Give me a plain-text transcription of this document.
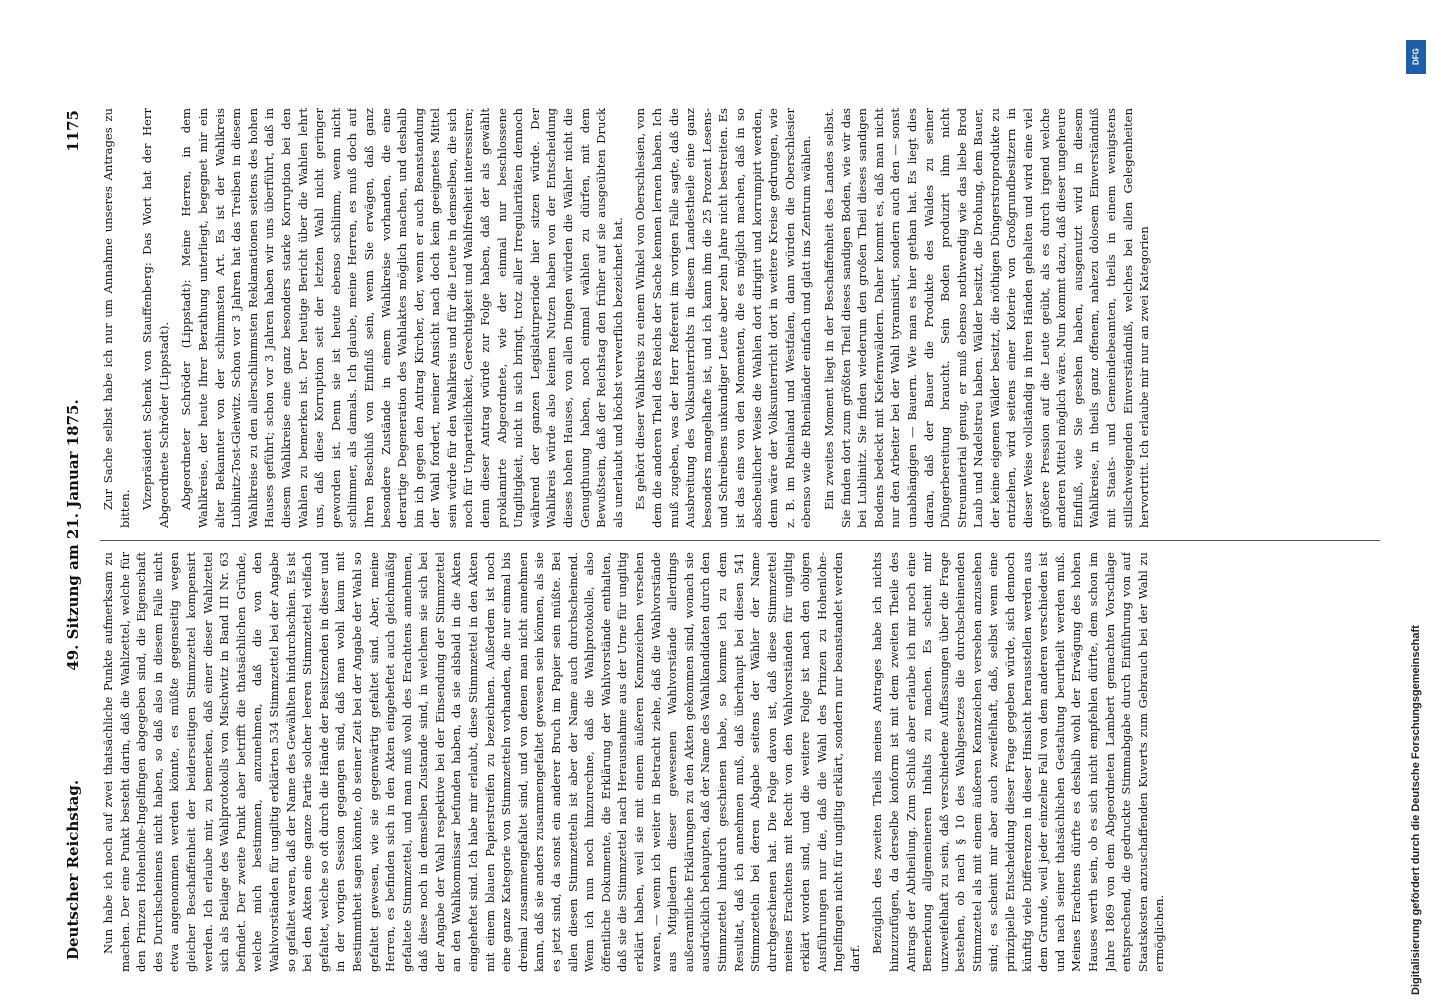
Deutscher Reichstag.
49. Sitzung am 21. Januar 1875.
1175

Nun habe ich noch auf zwei thatsächliche Punkte aufmerksam zu machen. Der eine Punkt besteht darin, daß die Wahlzettel, welche für den Prinzen Hohenlohe-Ingelfingen abgegeben sind, die Eigenschaft des Durchscheinens nicht haben, so daß also in diesem Falle nicht etwa angenommen werden könnte, es müßte gegenseitig wegen gleicher Beschaffenheit der beiderseitigen Stimmzettel kompensirt werden. Ich erlaube mir, zu bemerken, daß einer dieser Wahlzettel sich als Beilage des Wahlprotokolls von Mischwitz in Band III Nr. 63 befindet. Der zweite Punkt aber betrifft die thatsächlichen Gründe, welche mich bestimmen, anzunehmen, daß die von den Wahlvorständen für ungiltig erklärten 534 Stimmzettel bei der Angabe so gefaltet waren, daß der Name des Gewählten hindurchschien. Es ist bei den Akten eine ganze Partie solcher leeren Stimmzettel vielfach gefaltet, welche so oft durch die Hände der Beisitzenden in dieser und in der vorigen Session gegangen sind, daß man wohl kaum mit Bestimmtheit sagen könnte, ob seiner Zeit bei der Angabe der Wahl so gefaltet gewesen, wie sie gegenwärtig gefaltet sind. Aber, meine Herren, es befinden sich in den Akten eingeheftet auch gleichmäßig gefaltete Stimmzettel, und man muß wohl des Erachtens annehmen, daß diese noch in demselben Zustande sind, in welchem sie sich bei der Angabe der Wahl respektive bei der Einsendung der Stimmzettel an den Wahlkommissar befunden haben, da sie alsbald in die Akten eingeheftet sind. Ich habe mir erlaubt, diese Stimmzettel in den Akten mit einem blauen Papierstreifen zu bezeichnen. Außerdem ist noch eine ganze Kategorie von Stimmzetteln vorhanden, die nur einmal bis dreimal zusammengefaltet sind, und von denen man nicht annehmen kann, daß sie anders zusammengefaltet gewesen sein können, als sie es jetzt sind, da sonst ein anderer Bruch im Papier sein müßte. Bei allen diesen Stimmzetteln ist aber der Name auch durchscheinend. Wenn ich nun noch hinzurechne, daß die Wahlprotokolle, also öffentliche Dokumente, die Erklärung der Wahlvorstände enthalten, daß sie die Stimmzettel nach Herausnahme aus der Urne für ungiltig erklärt haben, weil sie mit einem äußeren Kennzeichen versehen waren, — wenn ich weiter in Betracht ziehe, daß die Wahlvorstände aus Mitgliedern dieser gewesenen Wahlvorstände allerdings außeramtliche Erklärungen zu den Akten gekommen sind, wonach sie ausdrücklich behaupten, daß der Name des Wahlkandidaten durch den Stimmzettel hindurch geschienen habe, so komme ich zu dem Resultat, daß ich annehmen muß, daß überhaupt bei diesen 541 Stimmzetteln bei deren Abgabe seitens der Wähler der Name durchgeschienen hat. Die Folge davon ist, daß diese Stimmzettel meines Erachtens mit Recht von den Wahlvorständen für ungiltig erklärt worden sind, und die weitere Folge ist nach den obigen Ausführungen nur die, daß die Wahl des Prinzen zu Hohenlohe-Ingelfingen nicht für ungiltig erklärt, sondern nur beanstandet werden darf.

Bezüglich des zweiten Theils meines Antrages habe ich nichts hinzuzufügen, da derselbe konform ist mit dem zweiten Theile des Antrags der Abtheilung. Zum Schluß aber erlaube ich mir noch eine Bemerkung allgemeineren Inhalts zu machen. Es scheint mir unzweifelhaft zu sein, daß verschiedene Auffassungen über die Frage bestehen, ob nach § 10 des Wahlgesetzes die durchscheinenden Stimmzettel als mit einem äußeren Kennzeichen versehen anzusehen sind; es scheint mir aber auch zweifelhaft, daß, selbst wenn eine prinzipielle Entscheidung dieser Frage gegeben würde, sich dennoch künftig viele Differenzen in dieser Hinsicht herausstellen werden aus dem Grunde, weil jeder einzelne Fall von dem anderen verschieden ist und nach seiner thatsächlichen Gestaltung beurtheilt werden muß. Meines Erachtens dürfte es deshalb wohl der Erwägung des hohen Hauses werth sein, ob es sich nicht empfehlen dürfte, dem schon im Jahre 1869 von dem Abgeordneten Lambert gemachten Vorschlage entsprechend, die gedruckte Stimmabgabe durch Einführung von auf Staatskosten anzuschaffenden Kuverts zum Gebrauch bei der Wahl zu ermöglichen.

Zur Sache selbst habe ich nur um Annahme unseres Antrages zu bitten. Vizepräsident Schenk von Stauffenberg: Das Wort hat der Herr Abgeordnete Schröder (Lippstadt). Abgeordneter Schröder (Lippstadt): Meine Herren, in dem Wahlkreise, der heute Ihrer Berathung unterliegt, begegnet mir ein alter Bekannter von der schlimmsten Art. Es ist der Wahlkreis Lublinitz-Tost-Gleiwitz. Schon vor 3 Jahren hat das Treiben in diesem Wahlkreise zu den allerschlimmsten Reklamationen seitens des hohen Hauses geführt; schon vor 3 Jahren haben wir uns überführt, daß in diesem Wahlkreise eine ganz besonders starke Korruption bei den Wahlen zu bemerken ist. Der heutige Bericht über die Wahlen lehrt uns, daß diese Korruption seit der letzten Wahl nicht geringer geworden ist. Denn sie ist heute ebenso schlimm, wenn nicht schlimmer, als damals. Ich glaube, meine Herren, es muß doch auf Ihren Beschluß von Einfluß sein, wenn Sie erwägen, daß ganz besondere Zustände in einem Wahlkreise vorhanden, die eine derartige Degeneration des Wahlaktes möglich machen, und deshalb bin ich gegen den Antrag Kircher, der, wenn er auch Beanstandung der Wahl fordert, meiner Ansicht nach doch kein geeignetes Mittel sein würde für den Wahlkreis und für die Leute in demselben, die sich noch für Unparteilichkeit, Gerechtigkeit und Wahlfreiheit interessiren; denn dieser Antrag würde zur Folge haben, daß der als gewählt proklamirte Abgeordnete, wie der einmal nur beschlossene Ungiltigkeit, nicht in sich bringt, trotz aller Irregularitäten dennoch während der ganzen Legislaturperiode hier sitzen würde. Der Wahlkreis würde also keinen Nutzen haben von der Entscheidung dieses hohen Hauses, von allen Dingen würden die Wähler nicht die Genugthuung haben, noch einmal wählen zu dürfen, mit dem Bewußtsein, daß der Reichstag den früher auf sie ausgeübten Druck als unerlaubt und höchst verwerflich bezeichnet hat. Es gehört dieser Wahlkreis zu einem Winkel von Oberschlesien, von dem die anderen Theil des Reichs der Sache kennen lernen haben. Ich muß zugeben, was der Herr Referent im vorigen Falle sagte, daß die Ausbreitung des Volksunterrichts in diesem Landestheile eine ganz besonders mangelhafte ist, und ich kann ihm die 25 Prozent Lesens- und Schreibens unkundiger Leute aber zehn Jahre nicht bestreiten. Es ist das eins von den Momenten, die es möglich machen, daß in so abscheulicher Weise die Wahlen dort dirigirt und korrumpirt werden, denn wäre der Volksunterricht dort in weitere Kreise gedrungen, wie z. B. im Rheinland und Westfalen, dann würden die Oberschlesier ebenso wie die Rheinländer einfach und glatt ins Zentrum wählen. Ein zweites Moment liegt in der Beschaffenheit des Landes selbst. Sie finden dort zum größten Theil dieses sandigen Boden, wie wir das bei Lublinitz. Sie finden wiederum den großen Theil dieses sandigen Bodens bedeckt mit Kiefernwäldern. Daher kommt es, daß man nicht nur den Arbeiter bei der Wahl tyrannisirt, sondern auch den — sonst unabhängigen — Bauern. Wie man es hier gethan hat. Es liegt dies daran, daß der Bauer die Produkte des Waldes zu seiner Düngerbereitung braucht. Sein Boden produzirt ihm nicht Streumaterial genug, er muß ebenso nothwendig wie das liebe Brod Laub und Nadelstreu haben. Wälder besitzt, die Drohung, dem Bauer, der keine eigenen Wälder besitzt, die nöthigen Düngerstroprodukte zu entziehen, wird seitens einer Koterie von Großgrundbesitzern in dieser Weise vollständig in ihren Händen gehalten und wird eine viel größere Pression auf die Leute geübt, als es durch irgend welche anderen Mittel möglich wäre. Nun kommt dazu, daß dieser ungeheure Einfluß, wie Sie gesehen haben, ausgenutzt wird in diesem Wahlkreise, in theils ganz offenem, nahezu dolosem Einverständniß mit Staats- und Gemeindebeamten, theils in einem wenigstens stillschweigenden Einverständniß, welches bei allen Gelegenheiten hervortritt. Ich erlaube mir nur an zwei Kategorien

DFG
Digitalisierung gefördert durch die Deutsche Forschungsgemeinschaft
